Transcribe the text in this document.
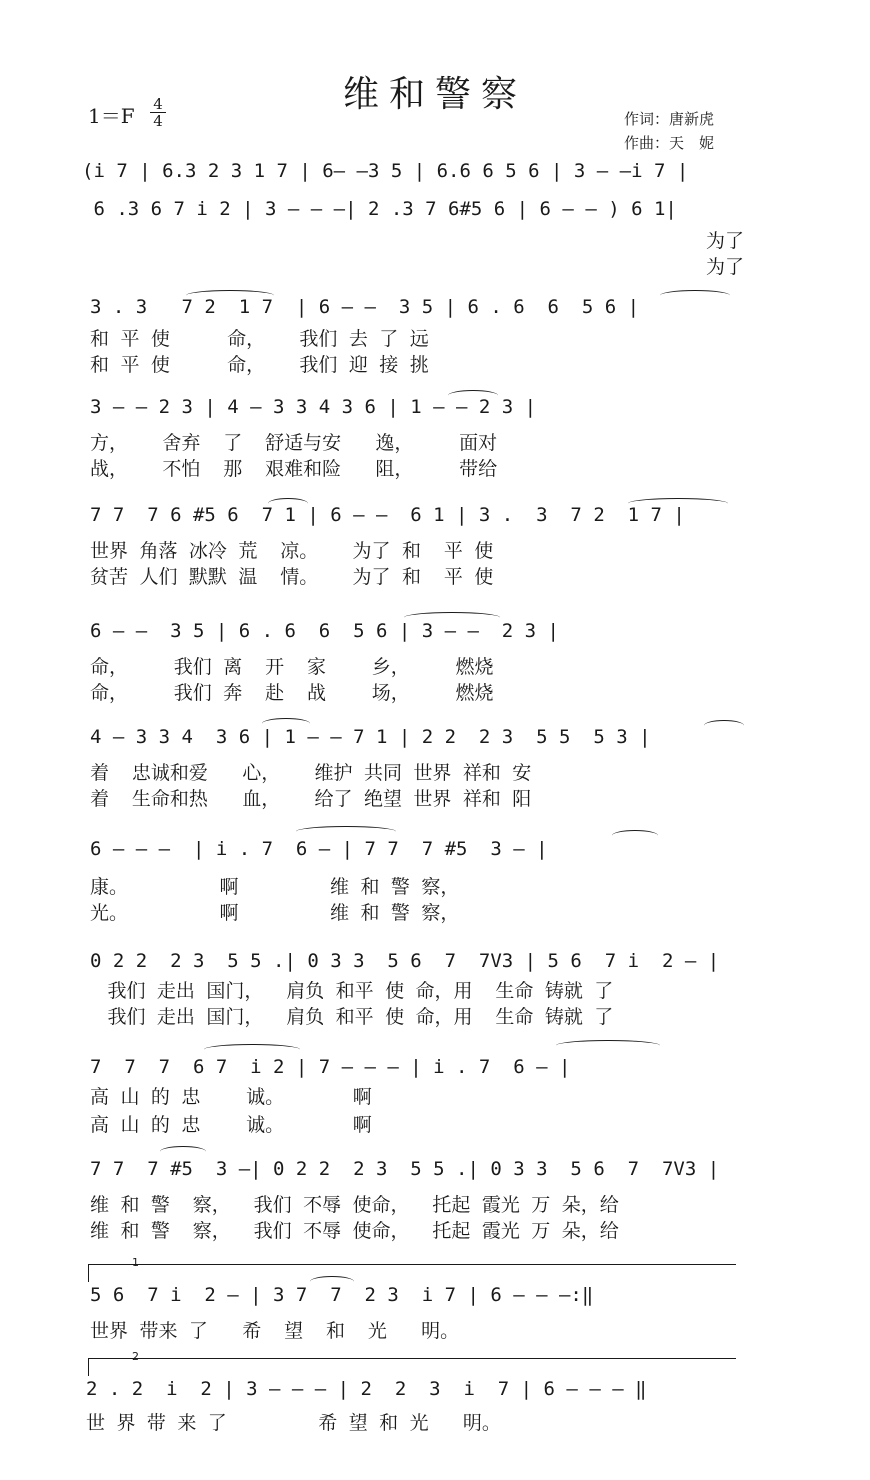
维和警察
$1=F \frac{4}{4}$	作词：唐新虎
作曲：天　妮
(i 7 | 6.3 2 3 1 7 | 6— —3 5 | 6.6 6 5 6 | 3 — —i 7 |
6 .3 6 7 i 2 | 3 — — —| 2 .3 7 6#5 6 | 6 — — ) 6 1|
为了
为了
3 . 3   7 2  1 7  | 6 — —  3 5 | 6 . 6  6  5 6 |
和 平 使     命，   我们 去 了 远
和 平 使     命，   我们 迎 接 挑
3 — — 2 3 | 4 — 3 3 4 3 6 | 1 — — 2 3 |
方，   舍弃  了  舒适与安   逸，    面对
战，   不怕  那  艰难和险   阻，    带给
7 7  7 6 #5 6  7 1 | 6 — —  6 1 | 3 .  3  7 2  1 7 |
世界 角落 冰冷 荒  凉。   为了 和  平 使
贫苦 人们 默默 温  情。   为了 和  平 使
6 — —  3 5 | 6 . 6  6  5 6 | 3 — —  2 3 |
命，    我们 离  开  家    乡，    燃烧
命，    我们 奔  赴  战    场，    燃烧
4 — 3 3 4  3 6 | 1 — — 7 1 | 2 2  2 3  5 5  5 3 |
着  忠诚和爱   心，   维护 共同 世界 祥和 安
着  生命和热   血，   给了 绝望 世界 祥和 阳
6 — — —  | i . 7  6 — | 7 7  7 #5  3 — |
康。        啊        维 和 警 察，
光。        啊        维 和 警 察，
0 2 2  2 3  5 5 .| 0 3 3  5 6  7  7V3 | 5 6  7 i  2 — |
我们 走出 国门，  肩负 和平 使 命，用  生命 铸就 了
我们 走出 国门，  肩负 和平 使 命，用  生命 铸就 了
7  7  7  6 7  i 2 | 7 — — — | i . 7  6 — |
高 山 的 忠    诚。      啊
高 山 的 忠    诚。      啊
7 7  7 #5  3 —| 0 2 2  2 3  5 5 .| 0 3 3  5 6  7  7V3 |
维 和 警  察，  我们 不辱 使命，  托起 霞光 万 朵，给
维 和 警  察，  我们 不辱 使命，  托起 霞光 万 朵，给
1
5 6  7 i  2 — | 3 7  7  2 3  i 7 | 6 — — —:‖
世界 带来 了   希  望  和  光   明。
2
2 . 2  i  2 | 3 — — — | 2  2  3  i  7 | 6 — — — ‖
世 界 带 来 了        希 望 和 光   明。
